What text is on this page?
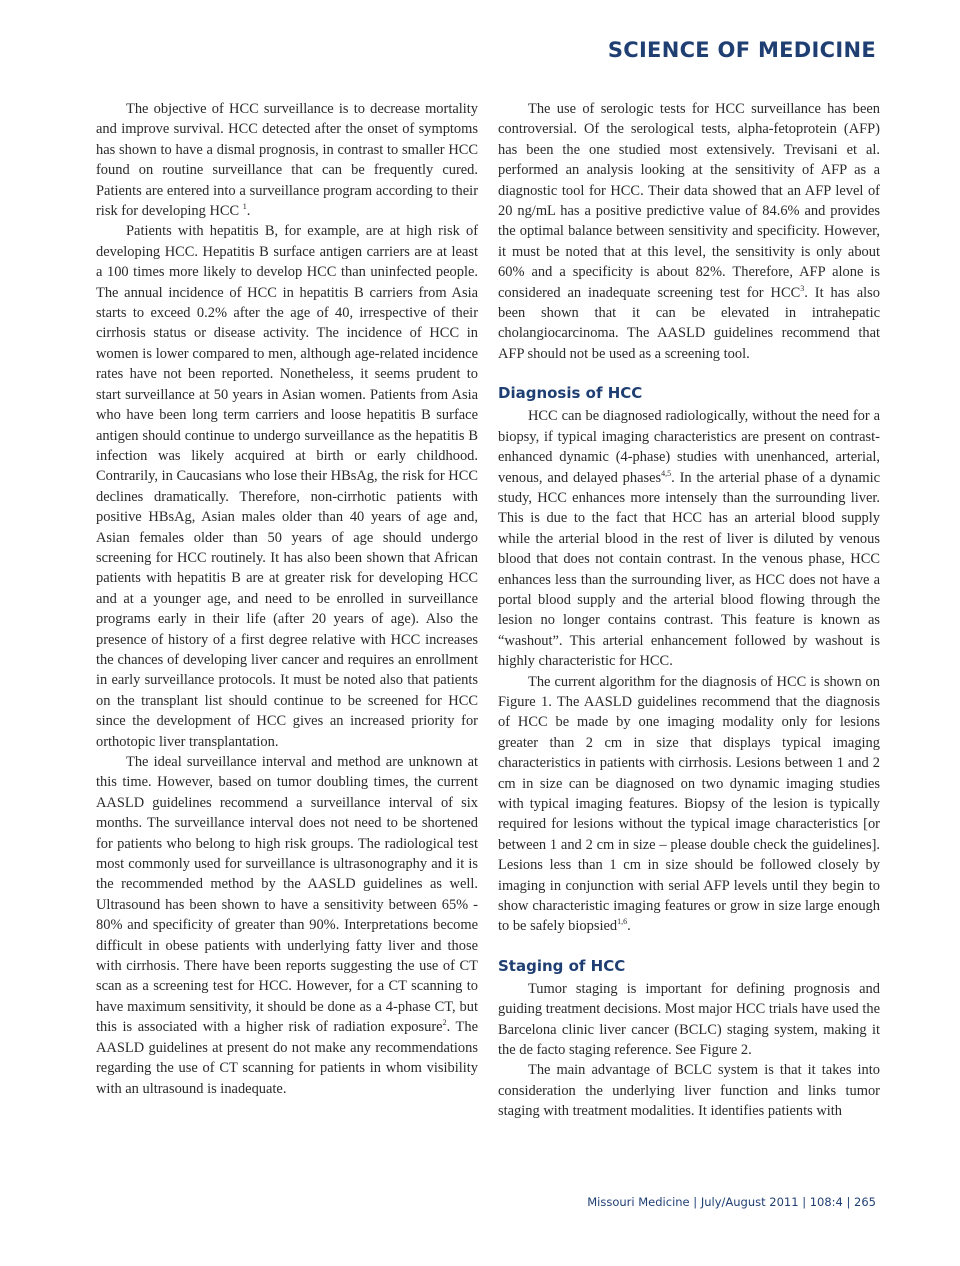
SCIENCE OF MEDICINE

The objective of HCC surveillance is to decrease mortality and improve survival. HCC detected after the onset of symptoms has shown to have a dismal prognosis, in contrast to smaller HCC found on routine surveillance that can be frequently cured. Patients are entered into a surveillance program according to their risk for developing HCC $^1$.

Patients with hepatitis B, for example, are at high risk of developing HCC. Hepatitis B surface antigen carriers are at least a 100 times more likely to develop HCC than uninfected people. The annual incidence of HCC in hepatitis B carriers from Asia starts to exceed 0.2% after the age of 40, irrespective of their cirrhosis status or disease activity. The incidence of HCC in women is lower compared to men, although age-related incidence rates have not been reported. Nonetheless, it seems prudent to start surveillance at 50 years in Asian women. Patients from Asia who have been long term carriers and loose hepatitis B surface antigen should continue to undergo surveillance as the hepatitis B infection was likely acquired at birth or early childhood. Contrarily, in Caucasians who lose their HBsAg, the risk for HCC declines dramatically. Therefore, non-cirrhotic patients with positive HBsAg, Asian males older than 40 years of age and, Asian females older than 50 years of age should undergo screening for HCC routinely. It has also been shown that African patients with hepatitis B are at greater risk for developing HCC and at a younger age, and need to be enrolled in surveillance programs early in their life (after 20 years of age). Also the presence of history of a first degree relative with HCC increases the chances of developing liver cancer and requires an enrollment in early surveillance protocols. It must be noted also that patients on the transplant list should continue to be screened for HCC since the development of HCC gives an increased priority for orthotopic liver transplantation.

The ideal surveillance interval and method are unknown at this time. However, based on tumor doubling times, the current AASLD guidelines recommend a surveillance interval of six months. The surveillance interval does not need to be shortened for patients who belong to high risk groups. The radiological test most commonly used for surveillance is ultrasonography and it is the recommended method by the AASLD guidelines as well. Ultrasound has been shown to have a sensitivity between 65% - 80% and specificity of greater than 90%. Interpretations become difficult in obese patients with underlying fatty liver and those with cirrhosis. There have been reports suggesting the use of CT scan as a screening test for HCC. However, for a CT scanning to have maximum sensitivity, it should be done as a 4-phase CT, but this is associated with a higher risk of radiation exposure$^2$. The AASLD guidelines at present do not make any recommendations regarding the use of CT scanning for patients in whom visibility with an ultrasound is inadequate.

The use of serologic tests for HCC surveillance has been controversial. Of the serological tests, alpha-fetoprotein (AFP) has been the one studied most extensively. Trevisani et al. performed an analysis looking at the sensitivity of AFP as a diagnostic tool for HCC. Their data showed that an AFP level of 20 ng/mL has a positive predictive value of 84.6% and provides the optimal balance between sensitivity and specificity. However, it must be noted that at this level, the sensitivity is only about 60% and a specificity is about 82%. Therefore, AFP alone is considered an inadequate screening test for HCC$^3$. It has also been shown that it can be elevated in intrahepatic cholangiocarcinoma. The AASLD guidelines recommend that AFP should not be used as a screening tool.

Diagnosis of HCC

HCC can be diagnosed radiologically, without the need for a biopsy, if typical imaging characteristics are present on contrast-enhanced dynamic (4-phase) studies with unenhanced, arterial, venous, and delayed phases$^{4,5}$. In the arterial phase of a dynamic study, HCC enhances more intensely than the surrounding liver. This is due to the fact that HCC has an arterial blood supply while the arterial blood in the rest of liver is diluted by venous blood that does not contain contrast. In the venous phase, HCC enhances less than the surrounding liver, as HCC does not have a portal blood supply and the arterial blood flowing through the lesion no longer contains contrast. This feature is known as “washout”. This arterial enhancement followed by washout is highly characteristic for HCC.

The current algorithm for the diagnosis of HCC is shown on Figure 1. The AASLD guidelines recommend that the diagnosis of HCC be made by one imaging modality only for lesions greater than 2 cm in size that displays typical imaging characteristics in patients with cirrhosis. Lesions between 1 and 2 cm in size can be diagnosed on two dynamic imaging studies with typical imaging features. Biopsy of the lesion is typically required for lesions without the typical image characteristics [or between 1 and 2 cm in size – please double check the guidelines]. Lesions less than 1 cm in size should be followed closely by imaging in conjunction with serial AFP levels until they begin to show characteristic imaging features or grow in size large enough to be safely biopsied$^{1,6}$.

Staging of HCC

Tumor staging is important for defining prognosis and guiding treatment decisions. Most major HCC trials have used the Barcelona clinic liver cancer (BCLC) staging system, making it the de facto staging reference. See Figure 2.

The main advantage of BCLC system is that it takes into consideration the underlying liver function and links tumor staging with treatment modalities. It identifies patients with

Missouri Medicine | July/August 2011 | 108:4 | 265
